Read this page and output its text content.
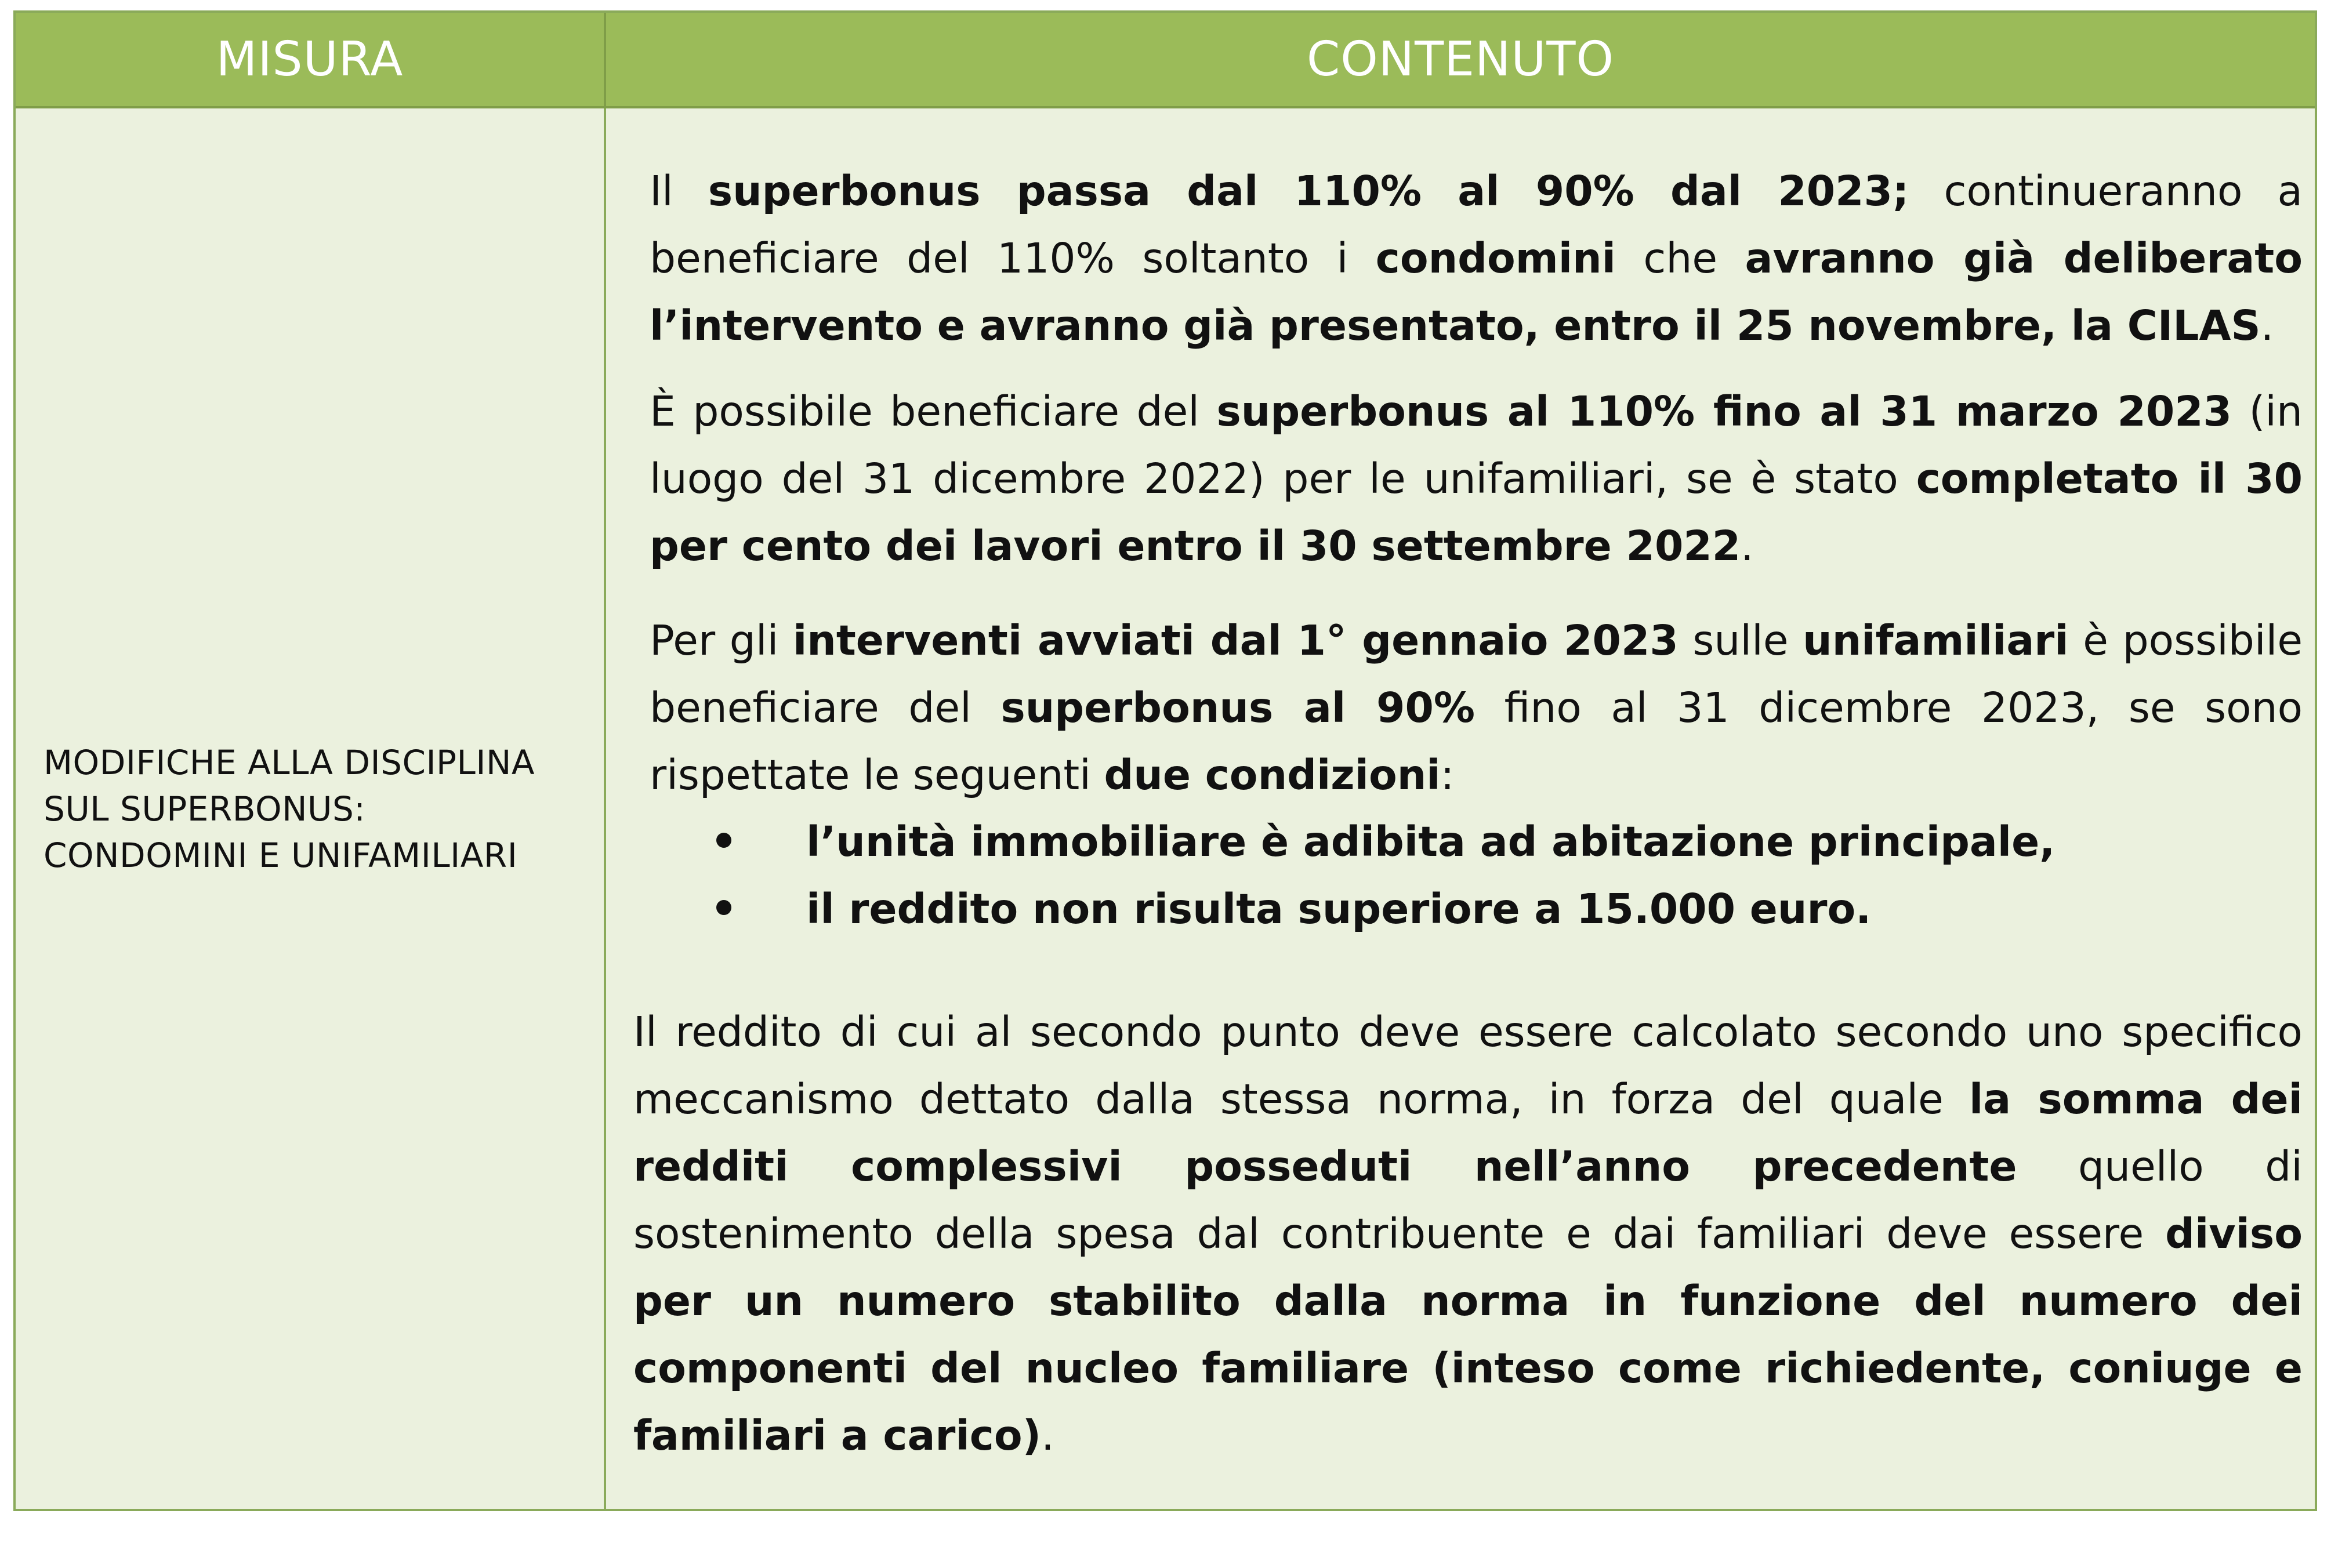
MISURA	CONTENUTO
MODIFICHE ALLA DISCIPLINA
SUL SUPERBONUS:
CONDOMINI E UNIFAMILIARI
Il superbonus passa dal 110% al 90% dal 2023; continueranno a beneficiare del 110% soltanto i condomini che avranno già deliberato l’intervento e avranno già presentato, entro il 25 novembre, la CILAS.
È possibile beneficiare del superbonus al 110% fino al 31 marzo 2023 (in luogo del 31 dicembre 2022) per le unifamiliari, se è stato completato il 30 per cento dei lavori entro il 30 settembre 2022.
Per gli interventi avviati dal 1° gennaio 2023 sulle unifamiliari è possibile beneficiare del superbonus al 90% fino al 31 dicembre 2023, se sono rispettate le seguenti due condizioni:
l’unità immobiliare è adibita ad abitazione principale,
il reddito non risulta superiore a 15.000 euro.
Il reddito di cui al secondo punto deve essere calcolato secondo uno specifico meccanismo dettato dalla stessa norma, in forza del quale la somma dei redditi complessivi posseduti nell’anno precedente quello di sostenimento della spesa dal contribuente e dai familiari deve essere diviso per un numero stabilito dalla norma in funzione del numero dei componenti del nucleo familiare (inteso come richiedente, coniuge e familiari a carico).
